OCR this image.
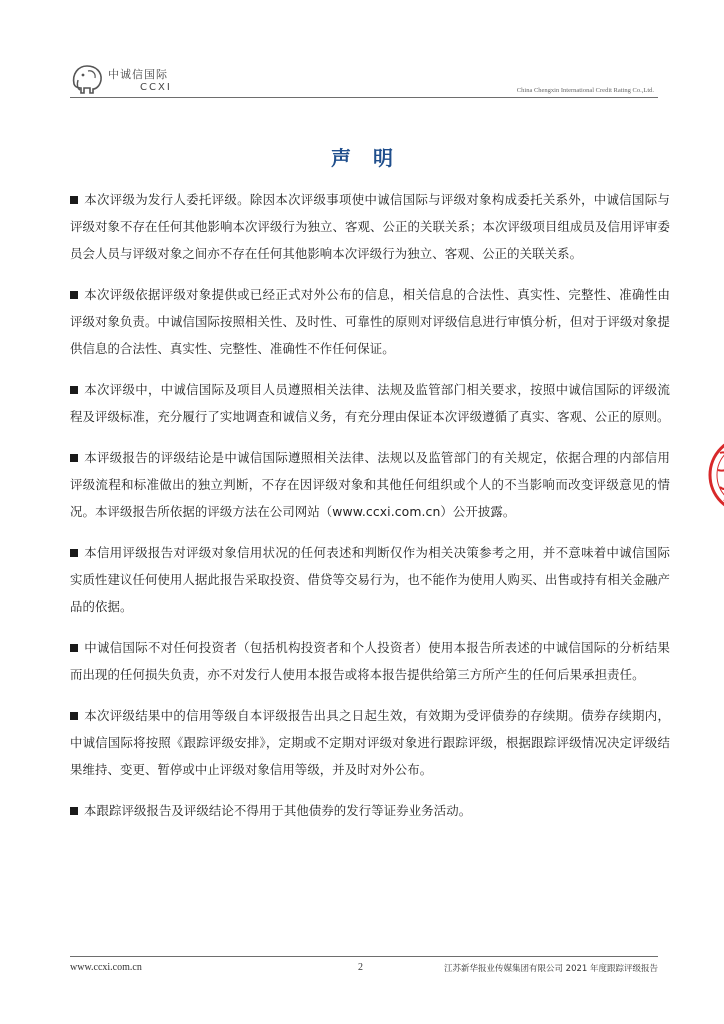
中诚信国际
CCXI	China Chengxin International Credit Rating Co.,Ltd.
声明

本次评级为发行人委托评级。除因本次评级事项使中诚信国际与评级对象构成委托关系外，中诚信国际与评级对象不存在任何其他影响本次评级行为独立、客观、公正的关联关系；本次评级项目组成员及信用评审委员会人员与评级对象之间亦不存在任何其他影响本次评级行为独立、客观、公正的关联关系。

本次评级依据评级对象提供或已经正式对外公布的信息，相关信息的合法性、真实性、完整性、准确性由评级对象负责。中诚信国际按照相关性、及时性、可靠性的原则对评级信息进行审慎分析，但对于评级对象提供信息的合法性、真实性、完整性、准确性不作任何保证。

本次评级中，中诚信国际及项目人员遵照相关法律、法规及监管部门相关要求，按照中诚信国际的评级流程及评级标准，充分履行了实地调查和诚信义务，有充分理由保证本次评级遵循了真实、客观、公正的原则。

本评级报告的评级结论是中诚信国际遵照相关法律、法规以及监管部门的有关规定，依据合理的内部信用评级流程和标准做出的独立判断，不存在因评级对象和其他任何组织或个人的不当影响而改变评级意见的情况。本评级报告所依据的评级方法在公司网站（www.ccxi.com.cn）公开披露。

本信用评级报告对评级对象信用状况的任何表述和判断仅作为相关决策参考之用，并不意味着中诚信国际实质性建议任何使用人据此报告采取投资、借贷等交易行为，也不能作为使用人购买、出售或持有相关金融产品的依据。

中诚信国际不对任何投资者（包括机构投资者和个人投资者）使用本报告所表述的中诚信国际的分析结果而出现的任何损失负责，亦不对发行人使用本报告或将本报告提供给第三方所产生的任何后果承担责任。

本次评级结果中的信用等级自本评级报告出具之日起生效，有效期为受评债券的存续期。债券存续期内，中诚信国际将按照《跟踪评级安排》，定期或不定期对评级对象进行跟踪评级，根据跟踪评级情况决定评级结果维持、变更、暂停或中止评级对象信用等级，并及时对外公布。

本跟踪评级报告及评级结论不得用于其他债券的发行等证券业务活动。

www.ccxi.com.cn	2	江苏新华报业传媒集团有限公司 2021 年度跟踪评级报告
